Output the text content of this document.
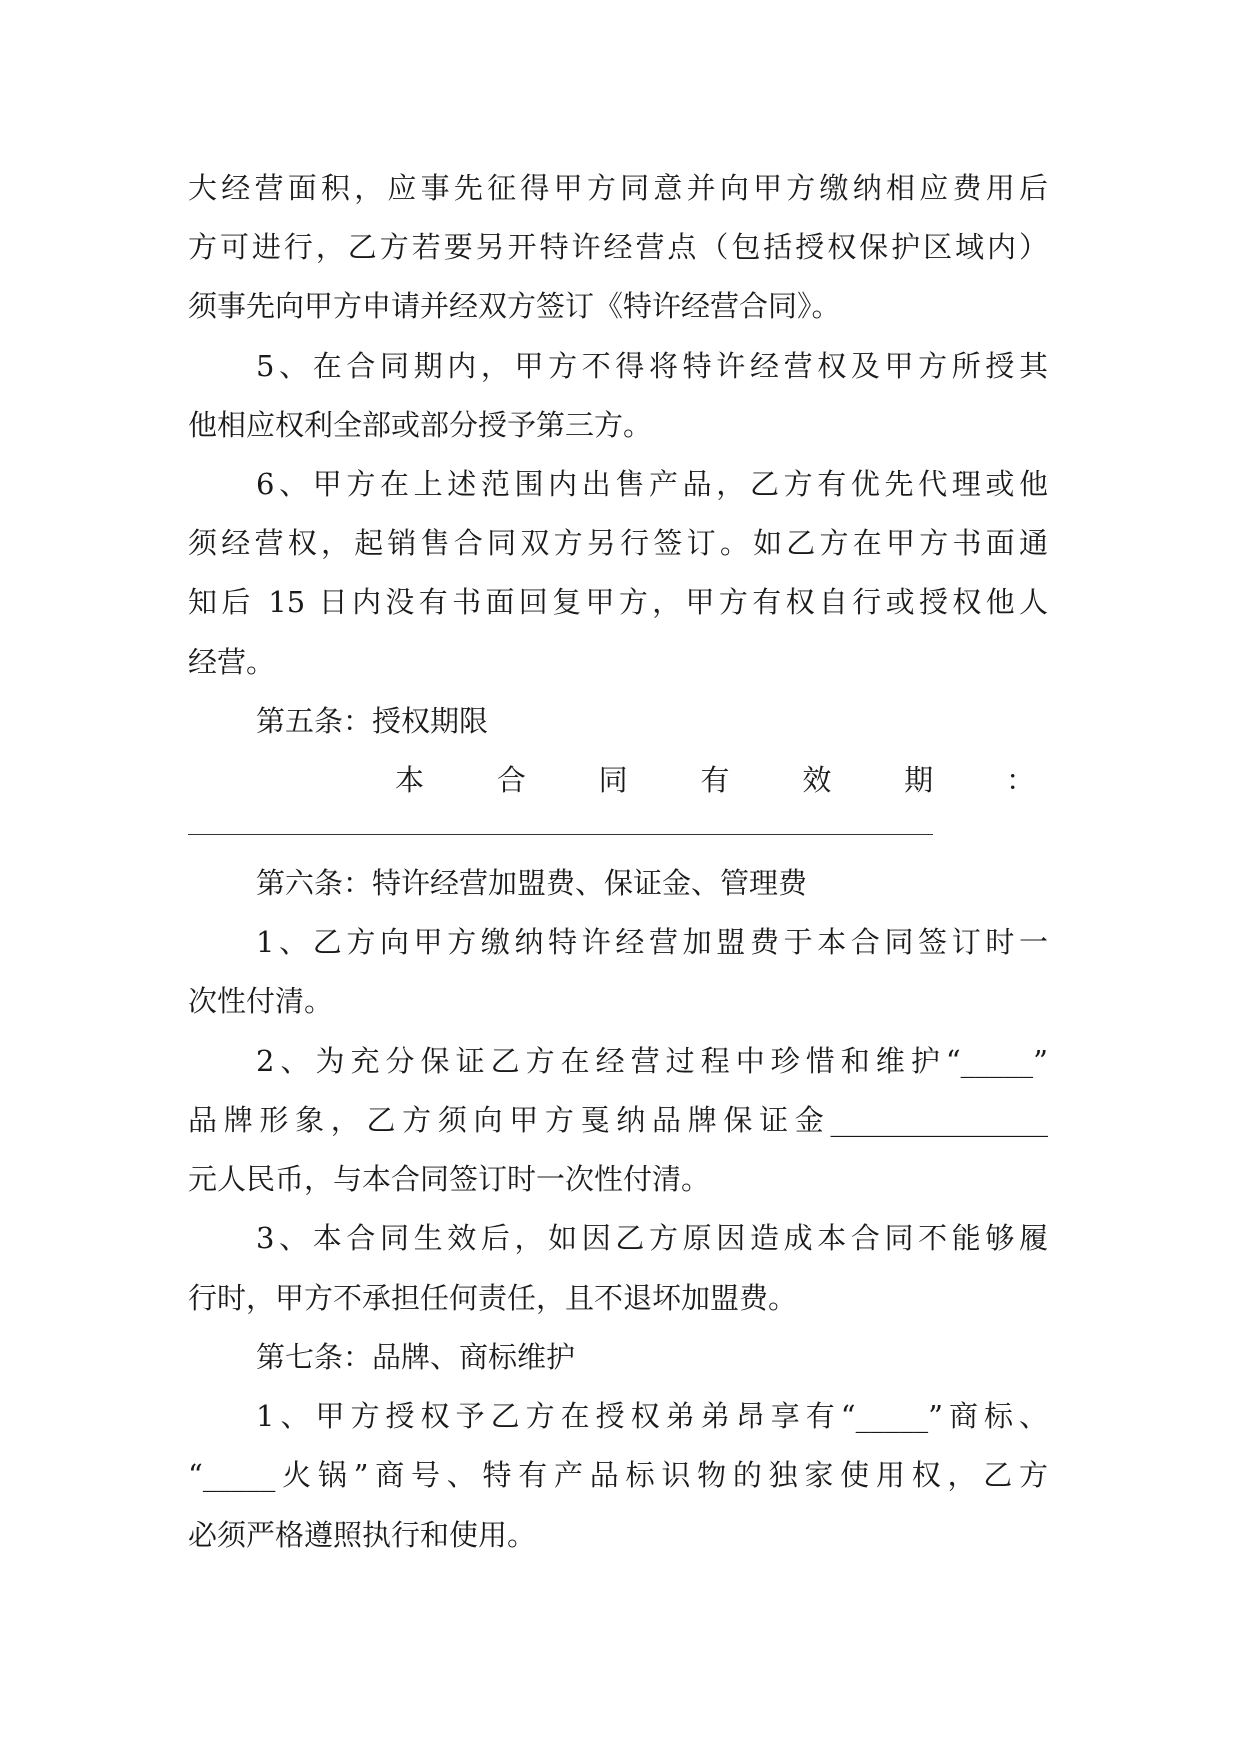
大经营面积，应事先征得甲方同意并向甲方缴纳相应费用后
方可进行，乙方若要另开特许经营点（包括授权保护区域内）
须事先向甲方申请并经双方签订《特许经营合同》。
5、在合同期内，甲方不得将特许经营权及甲方所授其
他相应权利全部或部分授予第三方。
6、甲方在上述范围内出售产品，乙方有优先代理或他
须经营权，起销售合同双方另行签订。如乙方在甲方书面通
知后 15 日内没有书面回复甲方，甲方有权自行或授权他人
经营。
第五条：授权期限
本	合	同	有	效	期	：
第六条：特许经营加盟费、保证金、管理费
1、乙方向甲方缴纳特许经营加盟费于本合同签订时一
次性付清。
2、为充分保证乙方在经营过程中珍惜和维护“_____”
品牌形象，乙方须向甲方戛纳品牌保证金_______________
元人民币，与本合同签订时一次性付清。
3、本合同生效后，如因乙方原因造成本合同不能够履
行时，甲方不承担任何责任，且不退坏加盟费。
第七条：品牌、商标维护
1、甲方授权予乙方在授权弟弟昂享有“_____”商标、
“_____火锅”商号、特有产品标识物的独家使用权，乙方
必须严格遵照执行和使用。
